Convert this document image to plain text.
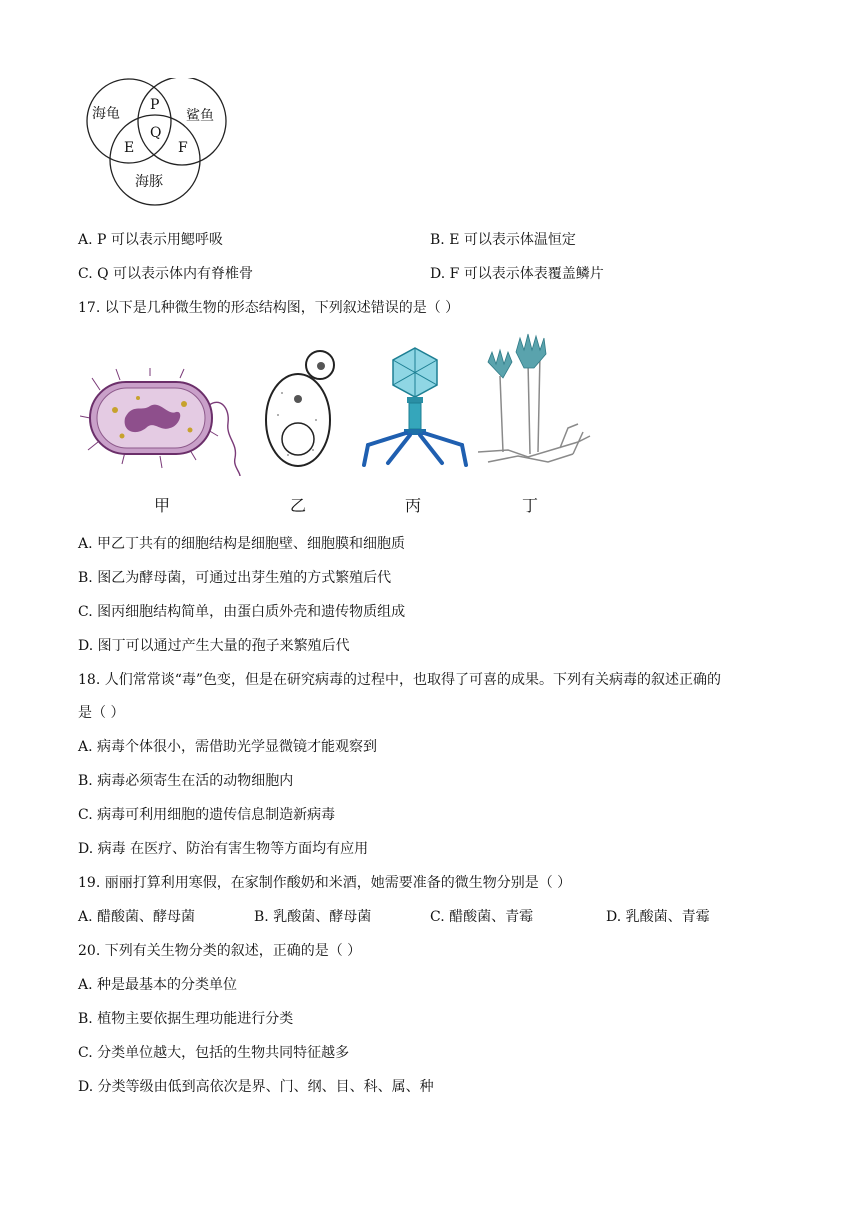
海龟	鲨鱼
海豚
P
Q
E	F
A. P 可以表示用鳃呼吸	B. E 可以表示体温恒定
C. Q 可以表示体内有脊椎骨	D. F 可以表示体表覆盖鳞片
17. 以下是几种微生物的形态结构图，下列叙述错误的是（ ）
甲	乙	丙	丁
A. 甲乙丁共有的细胞结构是细胞壁、细胞膜和细胞质
B. 图乙为酵母菌，可通过出芽生殖的方式繁殖后代
C. 图丙细胞结构简单，由蛋白质外壳和遗传物质组成
D. 图丁可以通过产生大量的孢子来繁殖后代
18. 人们常常谈“毒”色变，但是在研究病毒的过程中，也取得了可喜的成果。下列有关病毒的叙述正确的
是（ ）
A. 病毒个体很小，需借助光学显微镜才能观察到
B. 病毒必须寄生在活的动物细胞内
C. 病毒可利用细胞的遗传信息制造新病毒
D. 病毒 在医疗、防治有害生物等方面均有应用
19. 丽丽打算利用寒假，在家制作酸奶和米酒，她需要准备的微生物分别是（ ）
A. 醋酸菌、酵母菌	B. 乳酸菌、酵母菌	C. 醋酸菌、青霉	D. 乳酸菌、青霉
20. 下列有关生物分类的叙述，正确的是（ ）
A. 种是最基本的分类单位
B. 植物主要依据生理功能进行分类
C. 分类单位越大，包括的生物共同特征越多
D. 分类等级由低到高依次是界、门、纲、目、科、属、种
